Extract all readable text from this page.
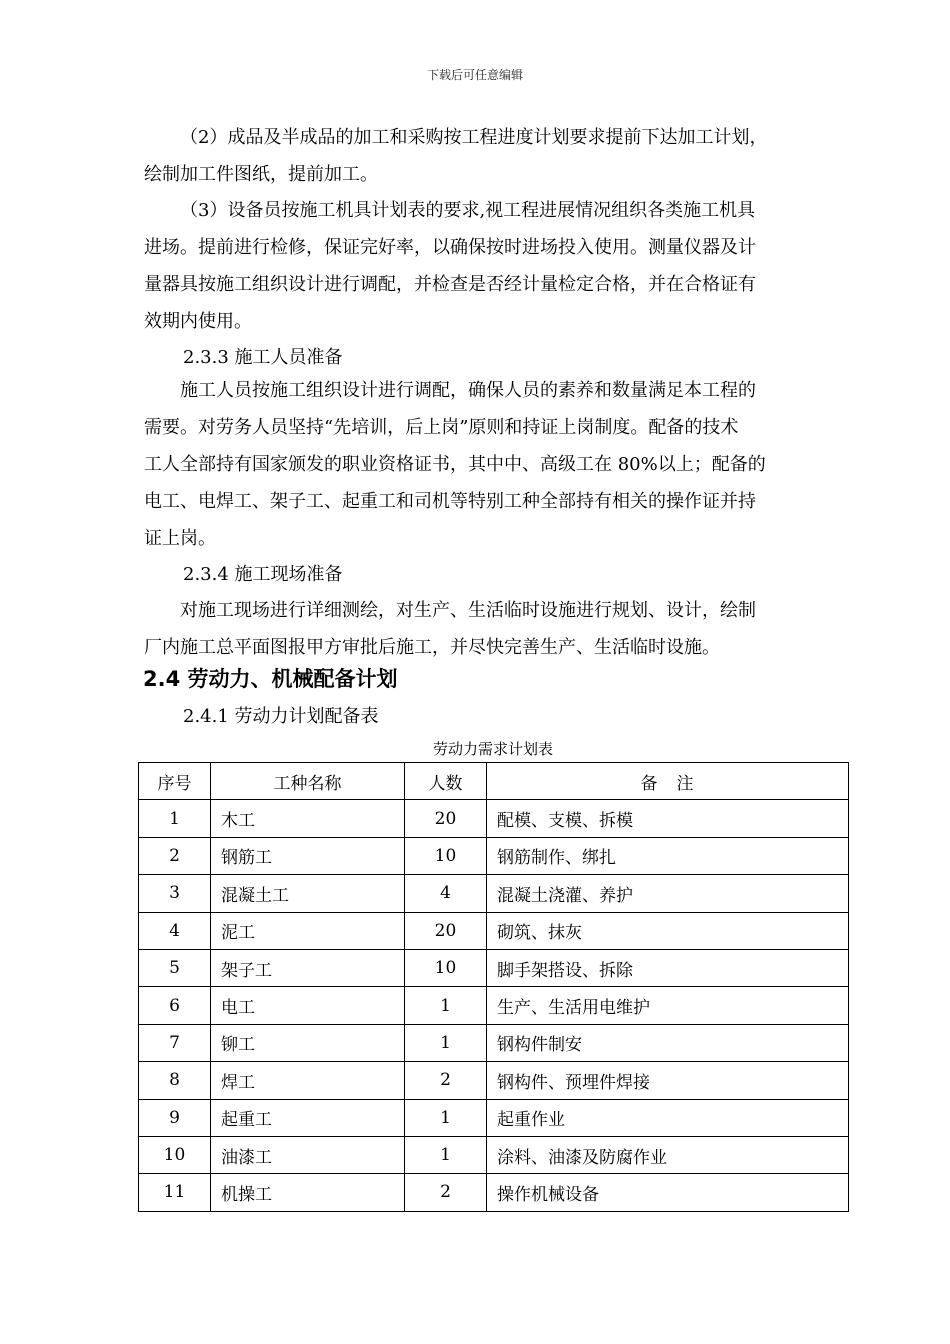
下载后可任意编辑
（2）成品及半成品的加工和采购按工程进度计划要求提前下达加工计划，
绘制加工件图纸，提前加工。
（3）设备员按施工机具计划表的要求,视工程进展情况组织各类施工机具
进场。提前进行检修，保证完好率，以确保按时进场投入使用。测量仪器及计
量器具按施工组织设计进行调配，并检查是否经计量检定合格，并在合格证有
效期内使用。
2.3.3 施工人员准备
施工人员按施工组织设计进行调配，确保人员的素养和数量满足本工程的
需要。对劳务人员坚持“先培训，后上岗”原则和持证上岗制度。配备的技术
工人全部持有国家颁发的职业资格证书，其中中、高级工在 80%以上；配备的
电工、电焊工、架子工、起重工和司机等特别工种全部持有相关的操作证并持
证上岗。
2.3.4 施工现场准备
对施工现场进行详细测绘，对生产、生活临时设施进行规划、设计，绘制
厂内施工总平面图报甲方审批后施工，并尽快完善生产、生活临时设施。
2.4 劳动力、机械配备计划
2.4.1 劳动力计划配备表
劳动力需求计划表
序号	工种名称	人数	备　注
1	木工	20	配模、支模、拆模
2	钢筋工	10	钢筋制作、绑扎
3	混凝土工	4	混凝土浇灌、养护
4	泥工	20	砌筑、抹灰
5	架子工	10	脚手架搭设、拆除
6	电工	1	生产、生活用电维护
7	铆工	1	钢构件制安
8	焊工	2	钢构件、预埋件焊接
9	起重工	1	起重作业
10	油漆工	1	涂料、油漆及防腐作业
11	机操工	2	操作机械设备
